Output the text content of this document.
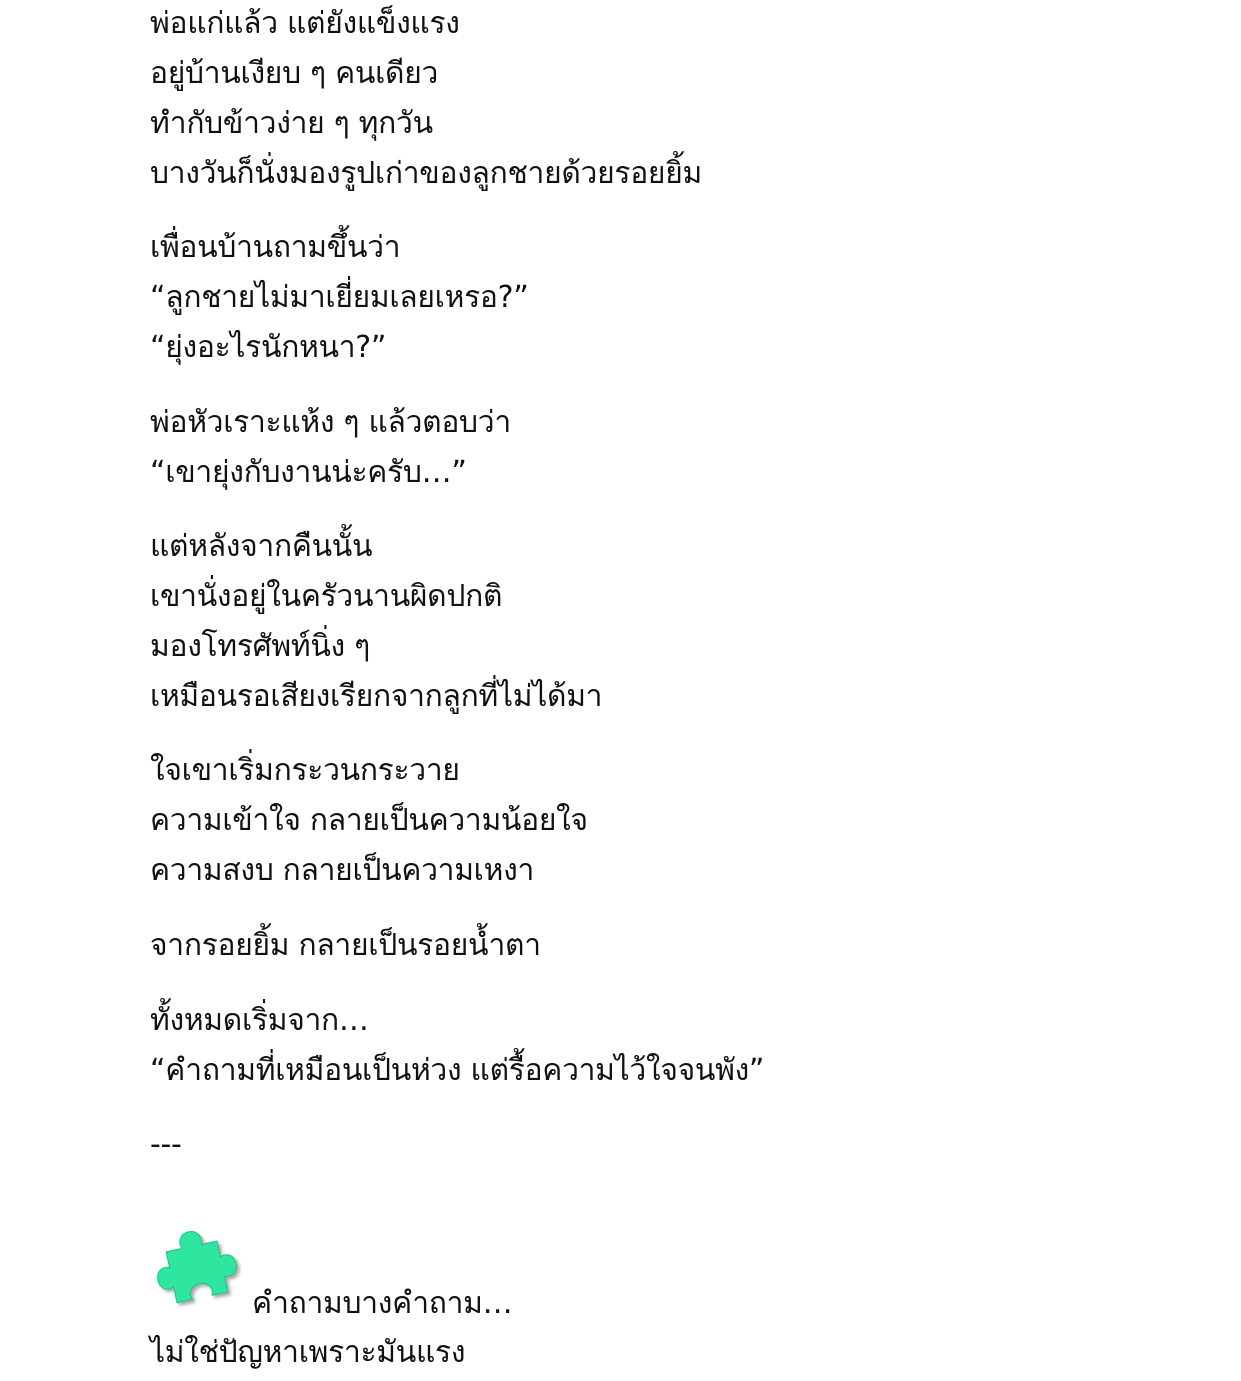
พ่อแก่แล้ว แต่ยังแข็งแรง
อยู่บ้านเงียบ ๆ คนเดียว
ทำกับข้าวง่าย ๆ ทุกวัน
บางวันก็นั่งมองรูปเก่าของลูกชายด้วยรอยยิ้ม
เพื่อนบ้านถามขึ้นว่า
“ลูกชายไม่มาเยี่ยมเลยเหรอ?”
“ยุ่งอะไรนักหนา?”
พ่อหัวเราะแห้ง ๆ แล้วตอบว่า
“เขายุ่งกับงานน่ะครับ…”
แต่หลังจากคืนนั้น
เขานั่งอยู่ในครัวนานผิดปกติ
มองโทรศัพท์นิ่ง ๆ
เหมือนรอเสียงเรียกจากลูกที่ไม่ได้มา
ใจเขาเริ่มกระวนกระวาย
ความเข้าใจ กลายเป็นความน้อยใจ
ความสงบ กลายเป็นความเหงา
จากรอยยิ้ม กลายเป็นรอยน้ำตา
ทั้งหมดเริ่มจาก…
“คำถามที่เหมือนเป็นห่วง แต่รื้อความไว้ใจจนพัง”
---
คำถามบางคำถาม…
ไม่ใช่ปัญหาเพราะมันแรง
